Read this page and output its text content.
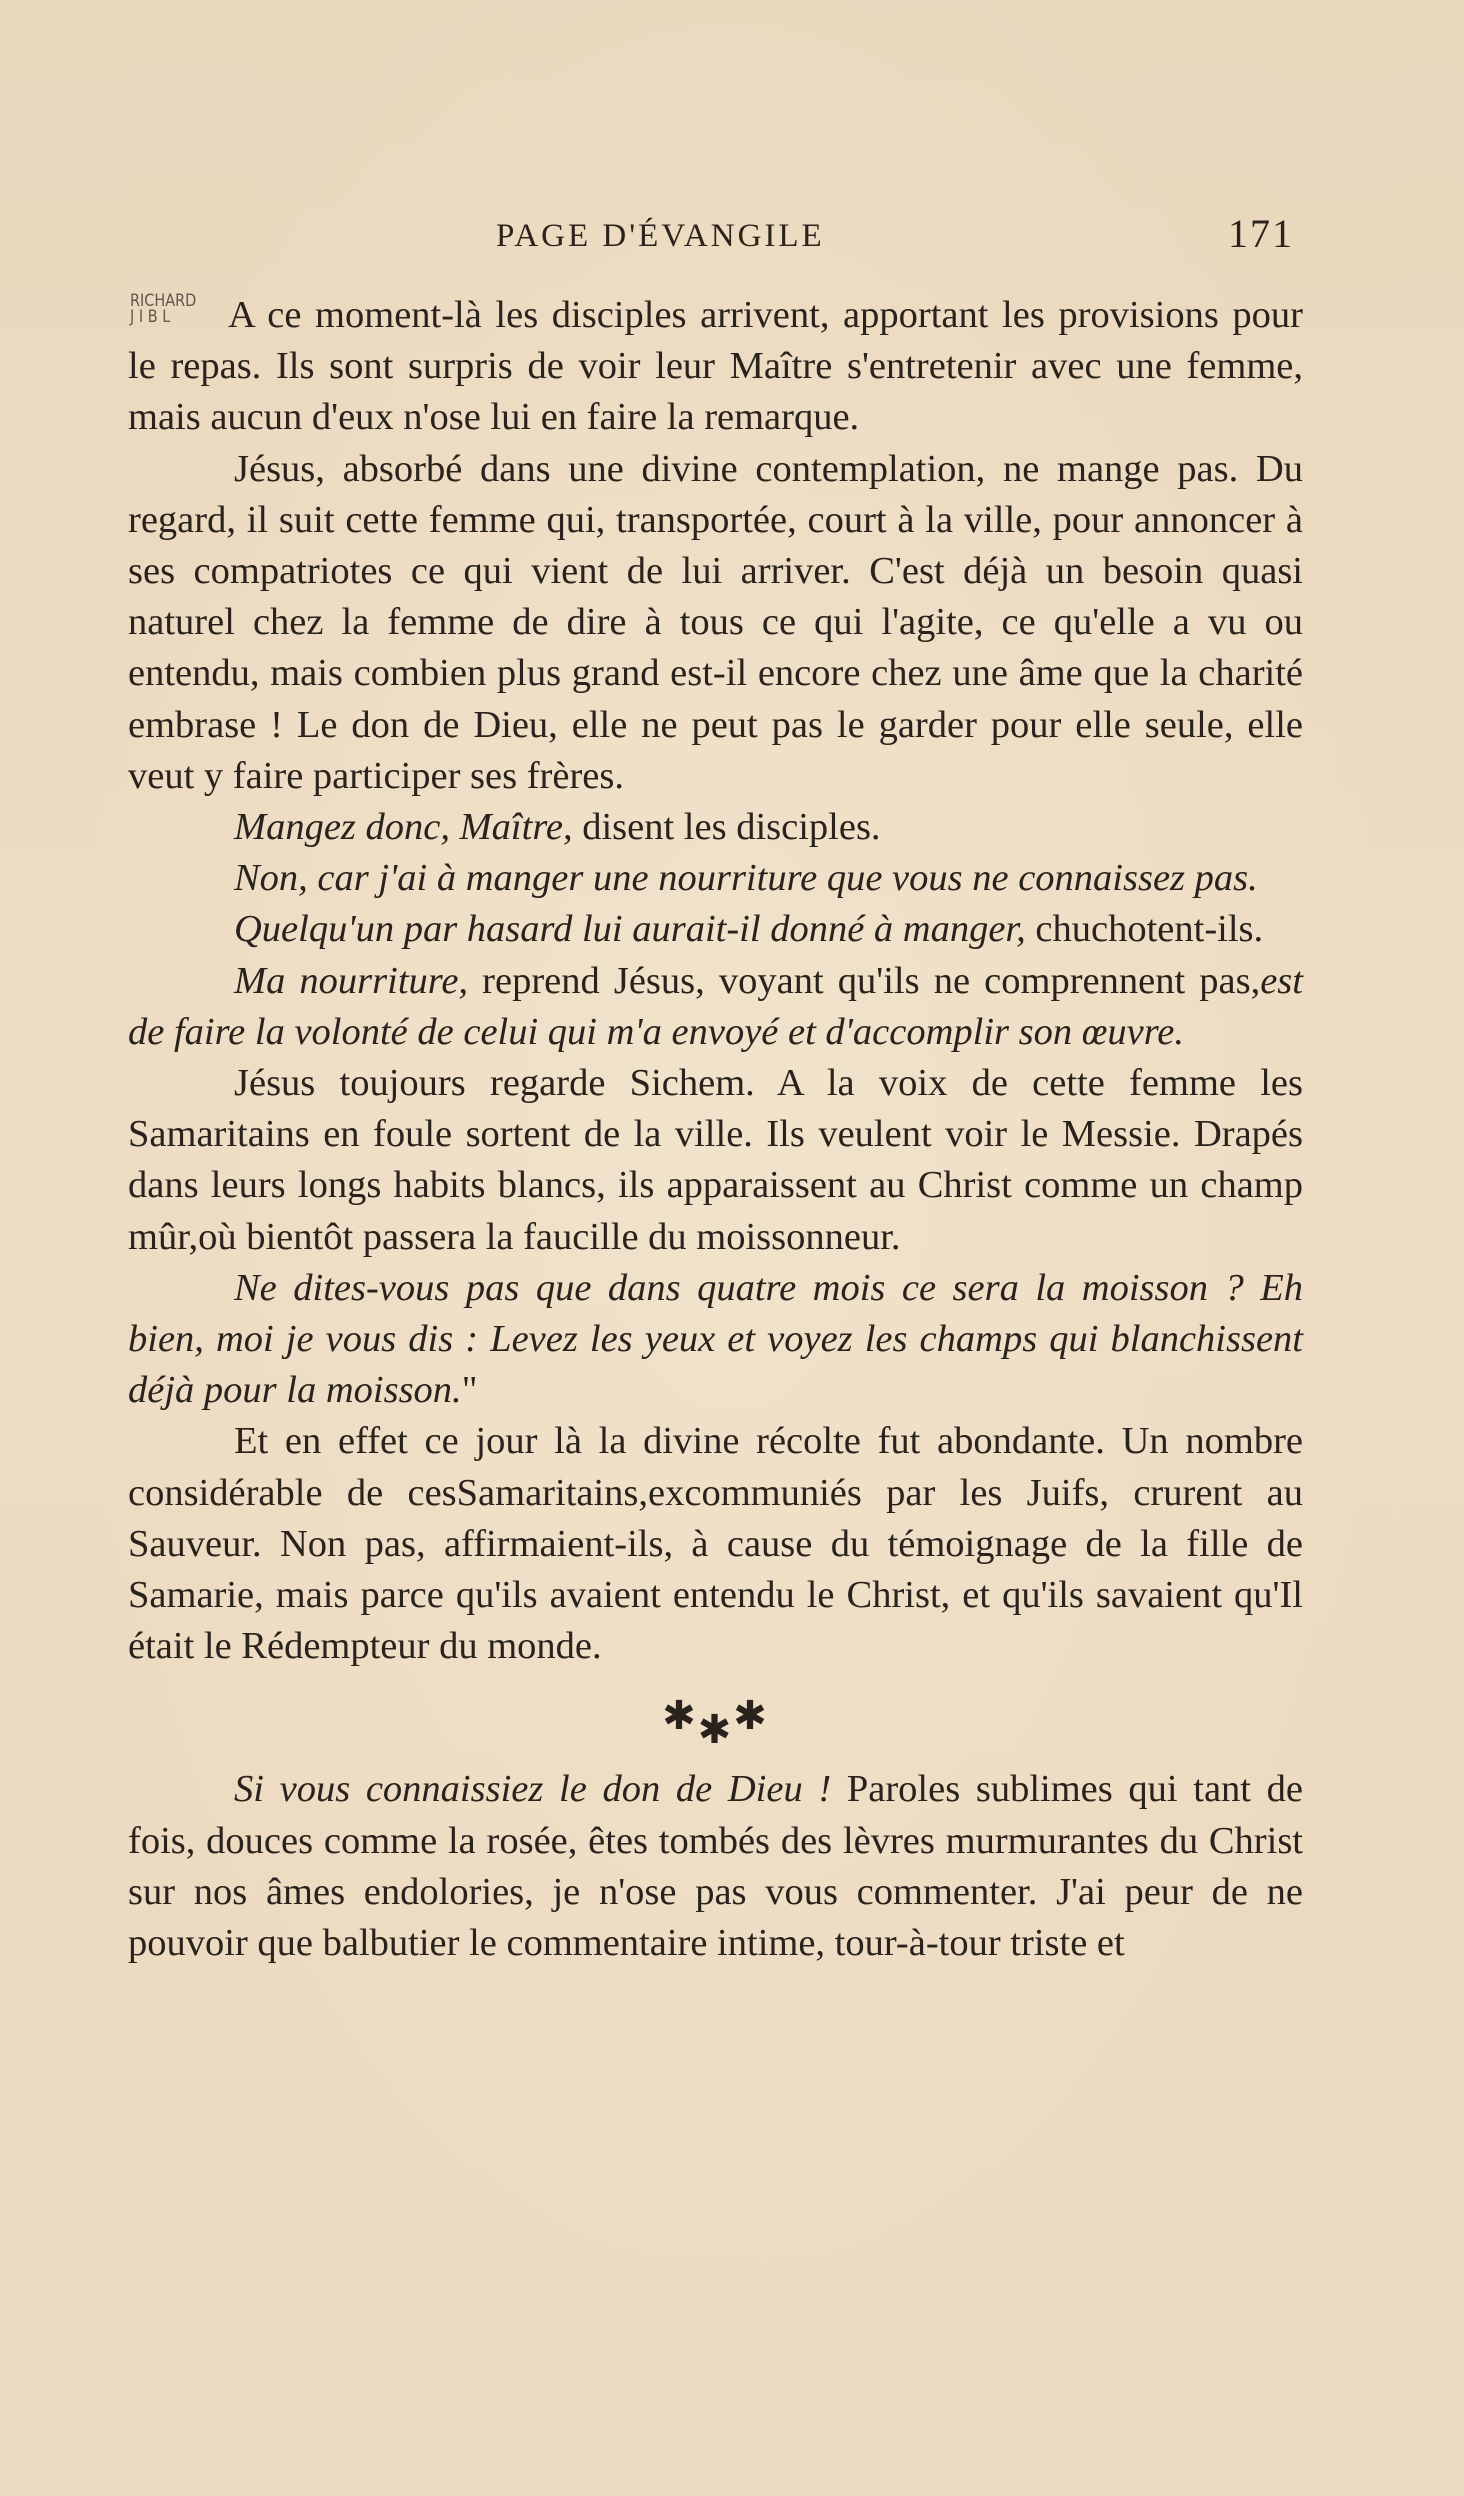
PAGE D'ÉVANGILE	171
RICHARD
J I B L	A ce moment-là les disciples arrivent, apportant les provisions pour le repas. Ils sont surpris de voir leur Maître s'entretenir avec une femme, mais aucun d'eux n'ose lui en faire la remarque.

Jésus, absorbé dans une divine contemplation, ne mange pas. Du regard, il suit cette femme qui, transportée, court à la ville, pour annoncer à ses compatriotes ce qui vient de lui arriver. C'est déjà un besoin quasi naturel chez la femme de dire à tous ce qui l'agite, ce qu'elle a vu ou entendu, mais combien plus grand est-il encore chez une âme que la charité embrase ! Le don de Dieu, elle ne peut pas le garder pour elle seule, elle veut y faire participer ses frères.

Mangez donc, Maître, disent les disciples.

Non, car j'ai à manger une nourriture que vous ne connaissez pas.

Quelqu'un par hasard lui aurait-il donné à manger, chuchotent-ils.

Ma nourriture, reprend Jésus, voyant qu'ils ne comprennent pas,est de faire la volonté de celui qui m'a envoyé et d'accomplir son œuvre.

Jésus toujours regarde Sichem. A la voix de cette femme les Samaritains en foule sortent de la ville. Ils veulent voir le Messie. Drapés dans leurs longs habits blancs, ils apparaissent au Christ comme un champ mûr,où bientôt passera la faucille du moissonneur.

Ne dites-vous pas que dans quatre mois ce sera la moisson ? Eh bien, moi je vous dis : Levez les yeux et voyez les champs qui blanchissent déjà pour la moisson."

Et en effet ce jour là la divine récolte fut abondante. Un nombre considérable de cesSamaritains,excommuniés par les Juifs, crurent au Sauveur. Non pas, affirmaient-ils, à cause du témoignage de la fille de Samarie, mais parce qu'ils avaient entendu le Christ, et qu'ils savaient qu'Il était le Rédempteur du monde.

$✱_✱✱$

Si vous connaissiez le don de Dieu ! Paroles sublimes qui tant de fois, douces comme la rosée, êtes tombés des lèvres murmurantes du Christ sur nos âmes endolories, je n'ose pas vous commenter. J'ai peur de ne pouvoir que balbutier le commentaire intime, tour-à-tour triste et
